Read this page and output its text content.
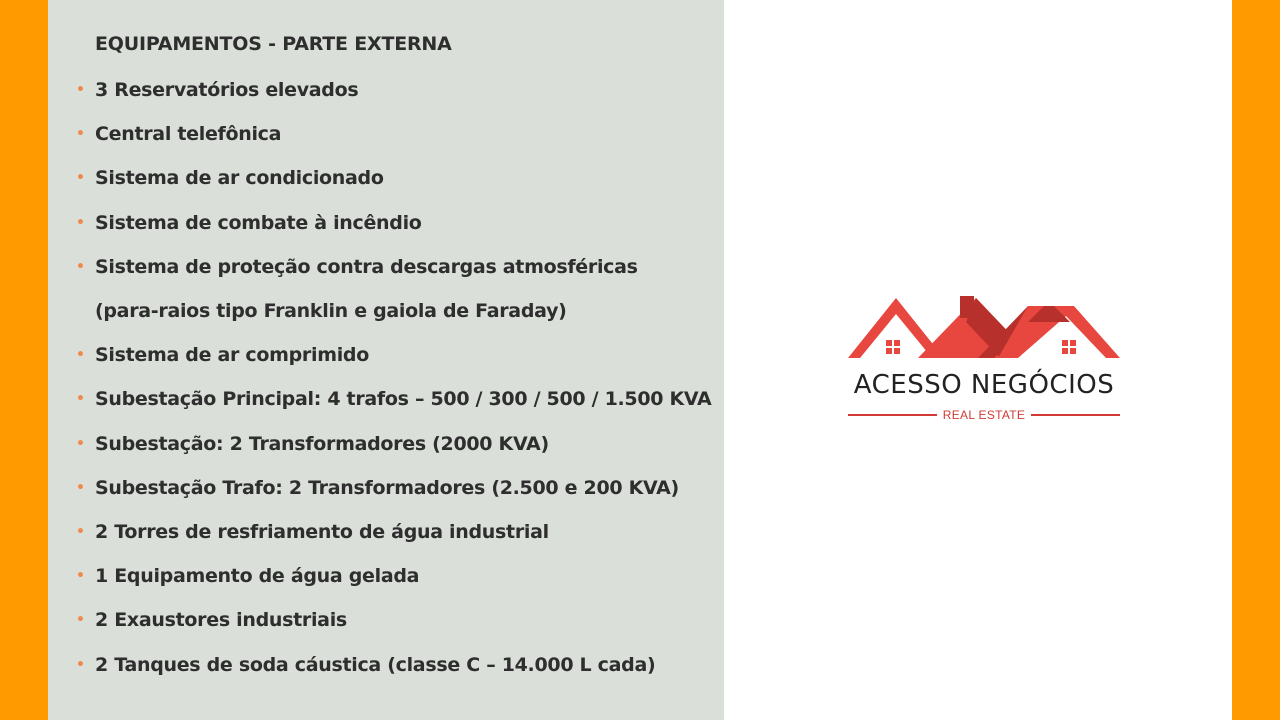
EQUIPAMENTOS - PARTE EXTERNA
• 3 Reservatórios elevados
• Central telefônica
• Sistema de ar condicionado
• Sistema de combate à incêndio
• Sistema de proteção contra descargas atmosféricas
(para-raios tipo Franklin e gaiola de Faraday)
• Sistema de ar comprimido
• Subestação Principal: 4 trafos – 500 / 300 / 500 / 1.500 KVA
• Subestação: 2 Transformadores (2000 KVA)
• Subestação Trafo: 2 Transformadores (2.500 e 200 KVA)
• 2 Torres de resfriamento de água industrial
• 1 Equipamento de água gelada
• 2 Exaustores industriais
• 2 Tanques de soda cáustica (classe C – 14.000 L cada)
ACESSO NEGÓCIOS
REAL ESTATE
